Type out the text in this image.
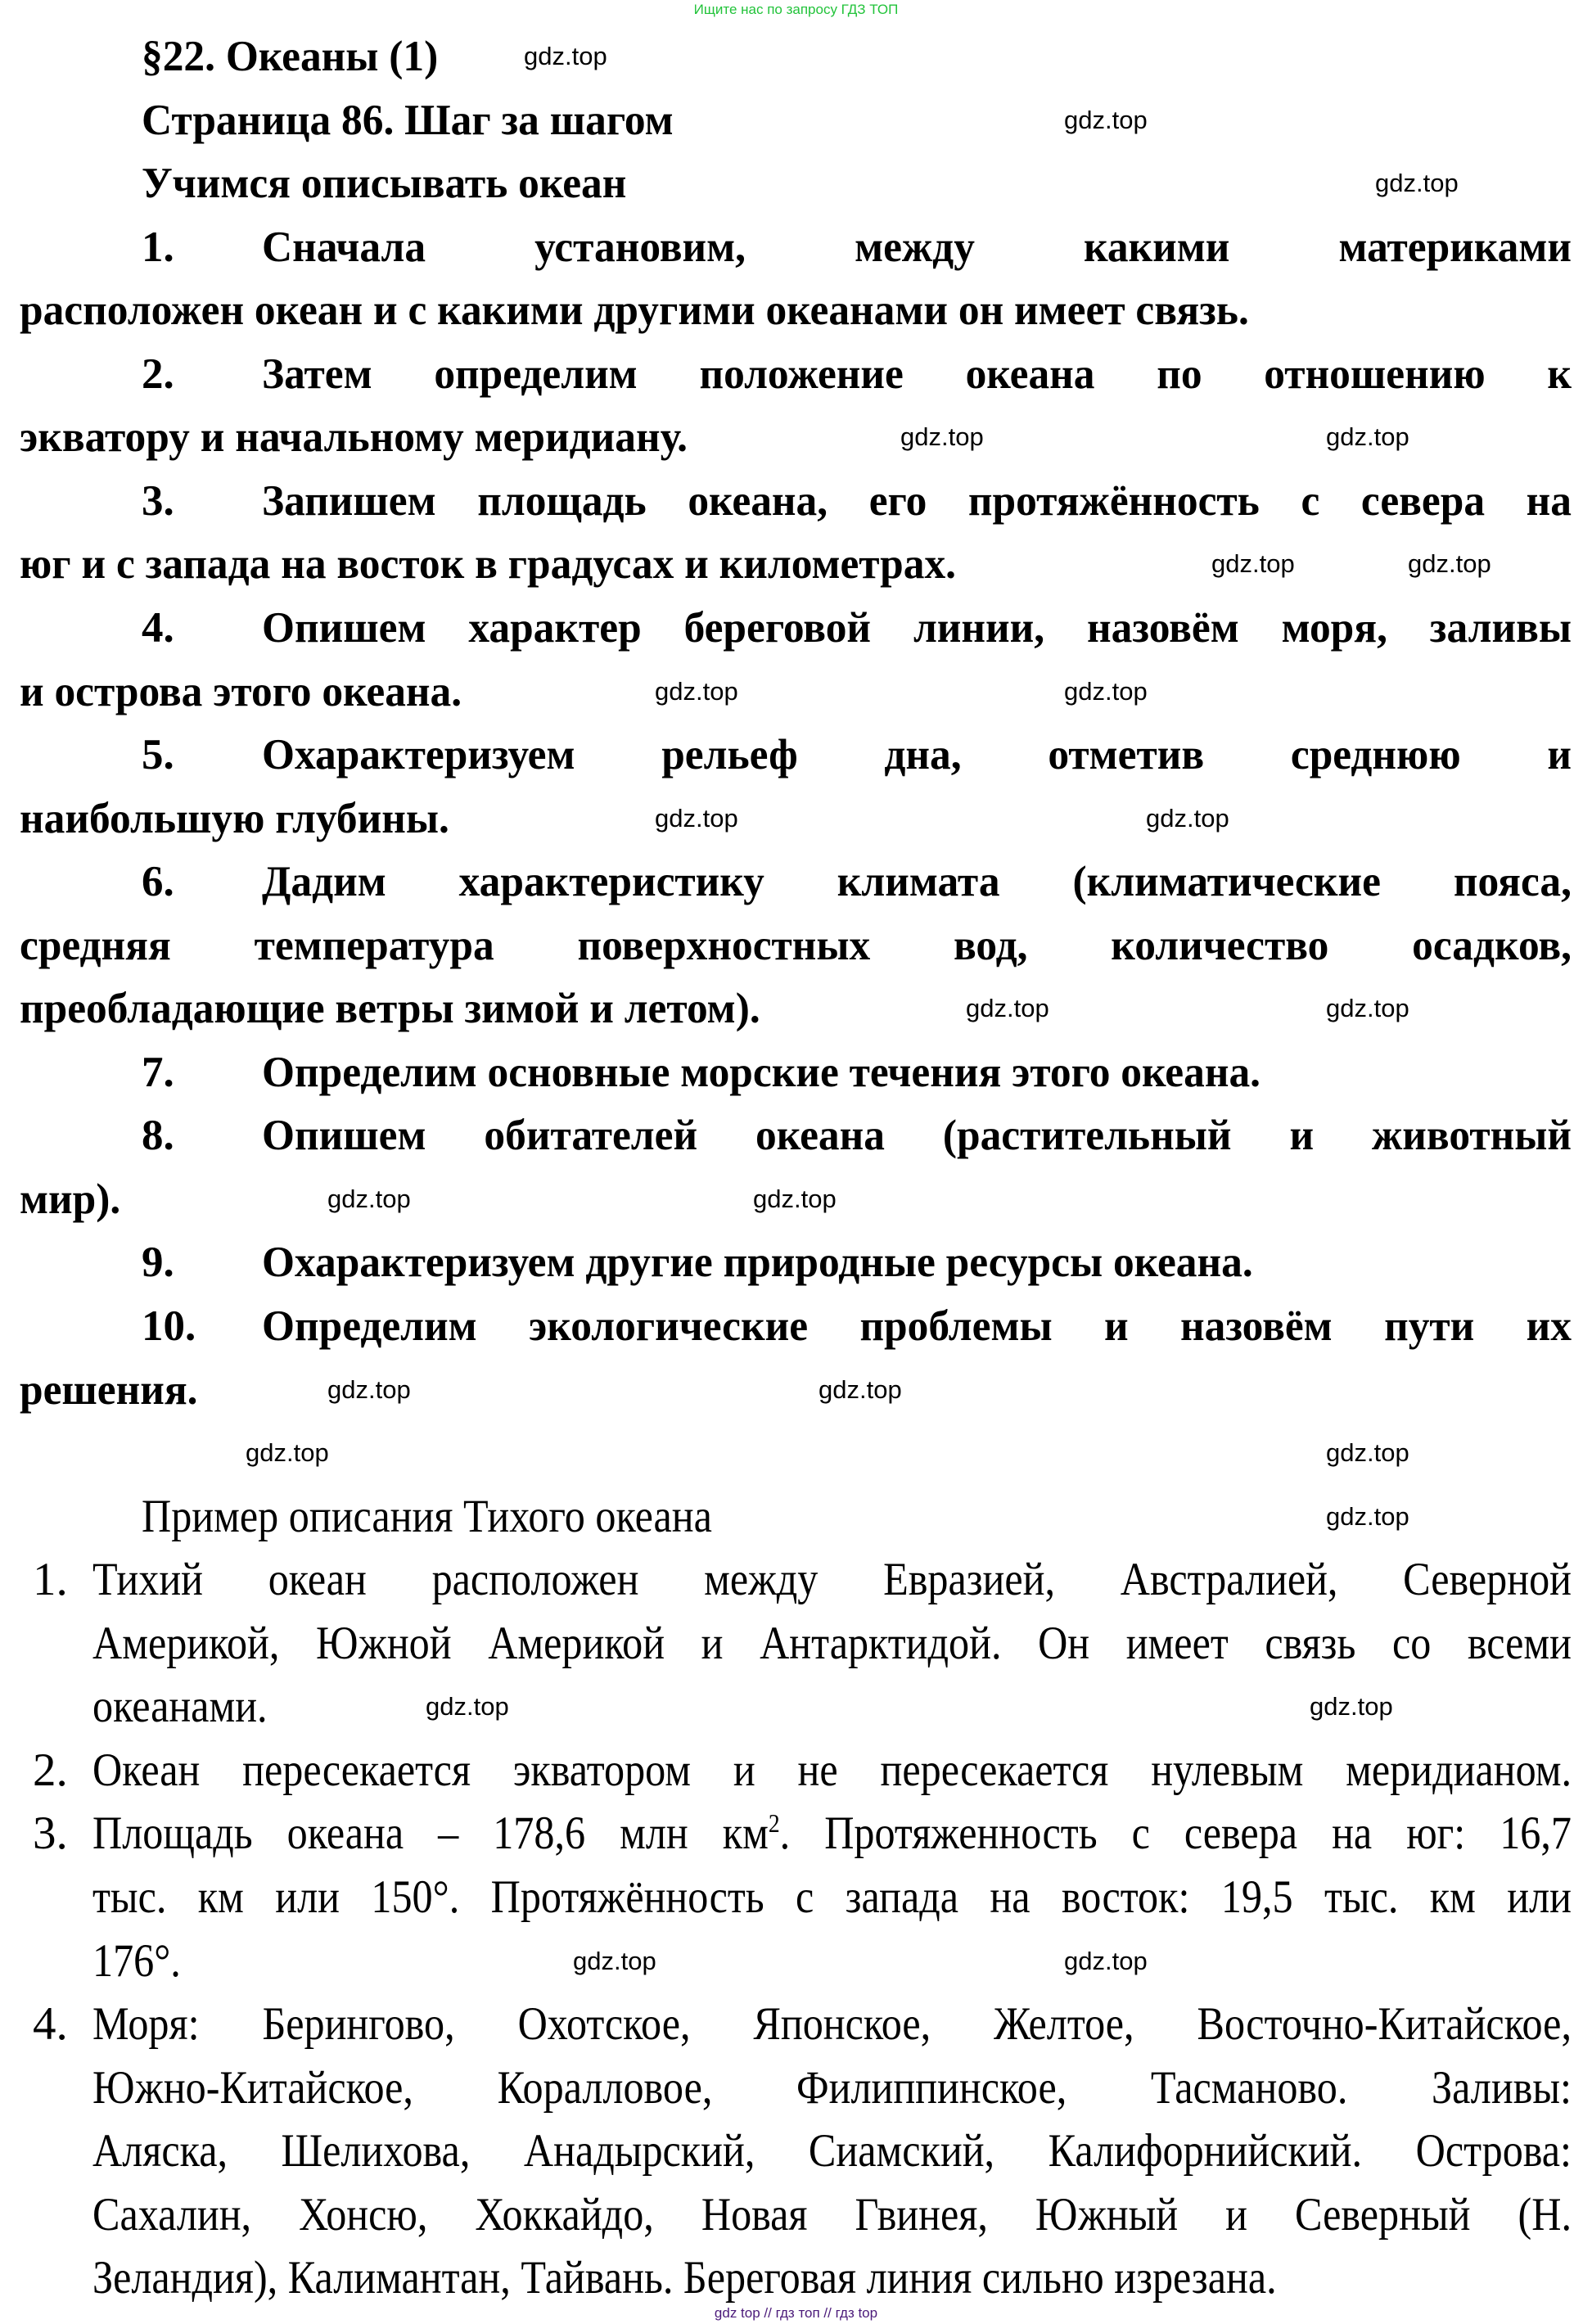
Ищите нас по запросу ГДЗ ТОП
§22. Океаны (1)
Страница 86. Шаг за шагом
Учимся описывать океан
1. Сначала установим, между какими материками
расположен океан и с какими другими океанами он имеет связь.
2. Затем определим положение океана по отношению к
экватору и начальному меридиану.
3. Запишем площадь океана, его протяжённость с севера на
юг и с запада на восток в градусах и километрах.
4. Опишем характер береговой линии, назовём моря, заливы
и острова этого океана.
5. Охарактеризуем рельеф дна, отметив среднюю и
наибольшую глубины.
6. Дадим характеристику климата (климатические пояса,
средняя температура поверхностных вод, количество осадков,
преобладающие ветры зимой и летом).
7. Определим основные морские течения этого океана.
8. Опишем обитателей океана (растительный и животный
мир).
9. Охарактеризуем другие природные ресурсы океана.
10. Определим экологические проблемы и назовём пути их
решения.
Пример описания Тихого океана
1. Тихий океан расположен между Евразией, Австралией, Северной
Америкой, Южной Америкой и Антарктидой. Он имеет связь со всеми
океанами.
2. Океан пересекается экватором и не пересекается нулевым меридианом.
3. Площадь океана – 178,6 млн $км^2$. Протяженность с севера на юг: 16,7
тыс. км или 150°. Протяжённость с запада на восток: 19,5 тыс. км или
176°.
4. Моря: Берингово, Охотское, Японское, Желтое, Восточно-Китайское,
Южно-Китайское, Коралловое, Филиппинское, Тасманово. Заливы:
Аляска, Шелихова, Анадырский, Сиамский, Калифорнийский. Острова:
Сахалин, Хонсю, Хоккайдо, Новая Гвинея, Южный и Северный (Н.
Зеландия), Калимантан, Тайвань. Береговая линия сильно изрезана.
gdz.top
gdz.top
gdz.top
gdz.top	gdz.top
gdz.top	gdz.top
gdz.top	gdz.top
gdz.top	gdz.top
gdz.top	gdz.top
gdz.top	gdz.top
gdz.top	gdz.top
gdz.top	gdz.top
gdz.top
gdz.top	gdz.top
gdz.top	gdz.top
gdz top // гдз топ // гдз top
